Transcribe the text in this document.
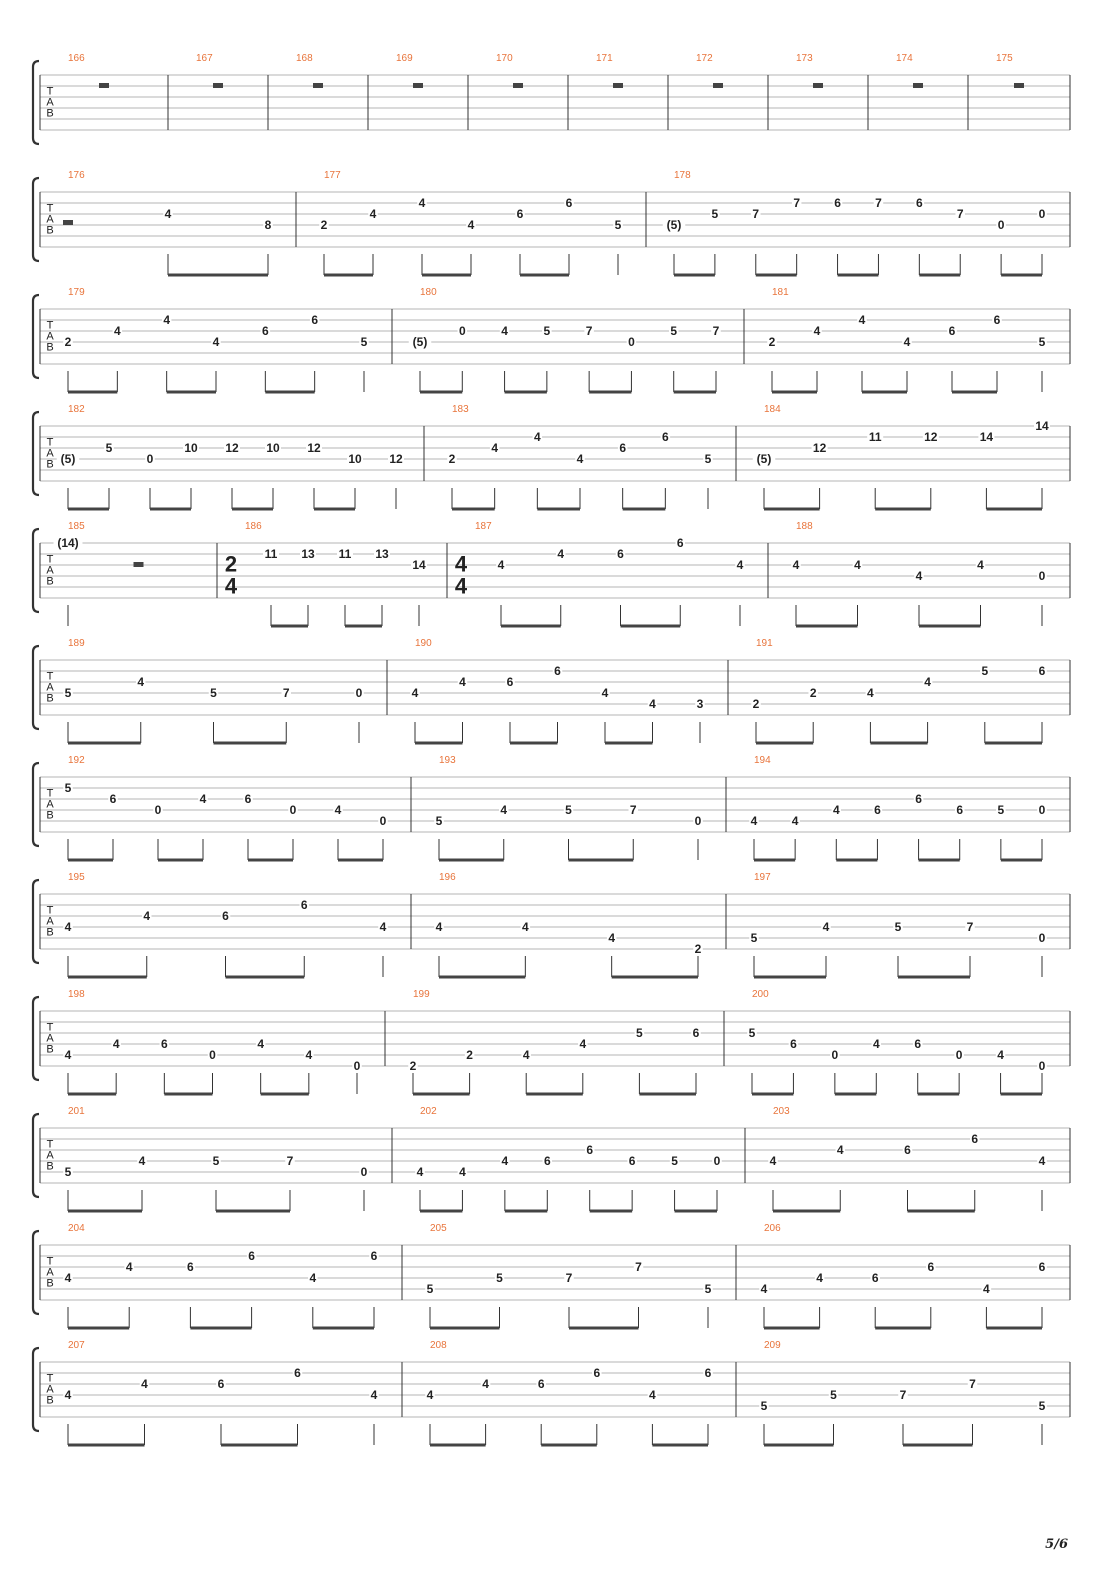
T
A
B
166	167	168	169	170	171	172	173	174	175
T
A
B
176
4
8
177
2
4
4
4
6
6
5
178
(5)
5	7
7	6	7	6
7
0
0
T
A
B
179
2
4
4
4
6
6
5
180
(5)
0	4	5	7
0
5	7
181
2
4
4
4
6
6
5
T
A
B
182
(5)
5
0
10 12 10 12
10 12
183
2
4
4
4
6
6
5
184
(5)
12
11	12	14
14
T
A
B
185
(14)
186
2
4
11 13 11 13
14
187
4
4
4
4	6
6
4
188
4	4
4
4
0
T
A
B
189
5
4
5	7	0
190
4
4	6
6
4
4	3
191
2
2	4
4
5	6
T
A
B
192
5
6
0
4	6
0	4
0
193
5
4	5	7
0
194
4	4
4	6
6
6	5	0
T
A
B
195
4
4	6
6
4
196
4	4
4
2
197
5
4	5	7
0
T
A
B
198
4
4	6
0
4
4
0
199
2
2	4
4
5	6
200
5
6
0
4	6
0	4
0
T
A
B
201
5
4	5	7
0
202
4	4
4	6
6
6	5	0
203
4
4	6
6
4
T
A
B
204
4
4	6
6
4
6
205
5
5	7
7
5
206
4
4	6
6
4
6
T
A
B
207
4
4	6
6
4
208
4
4	6
6
4
6
209
5
5	7
7
5
5/6
